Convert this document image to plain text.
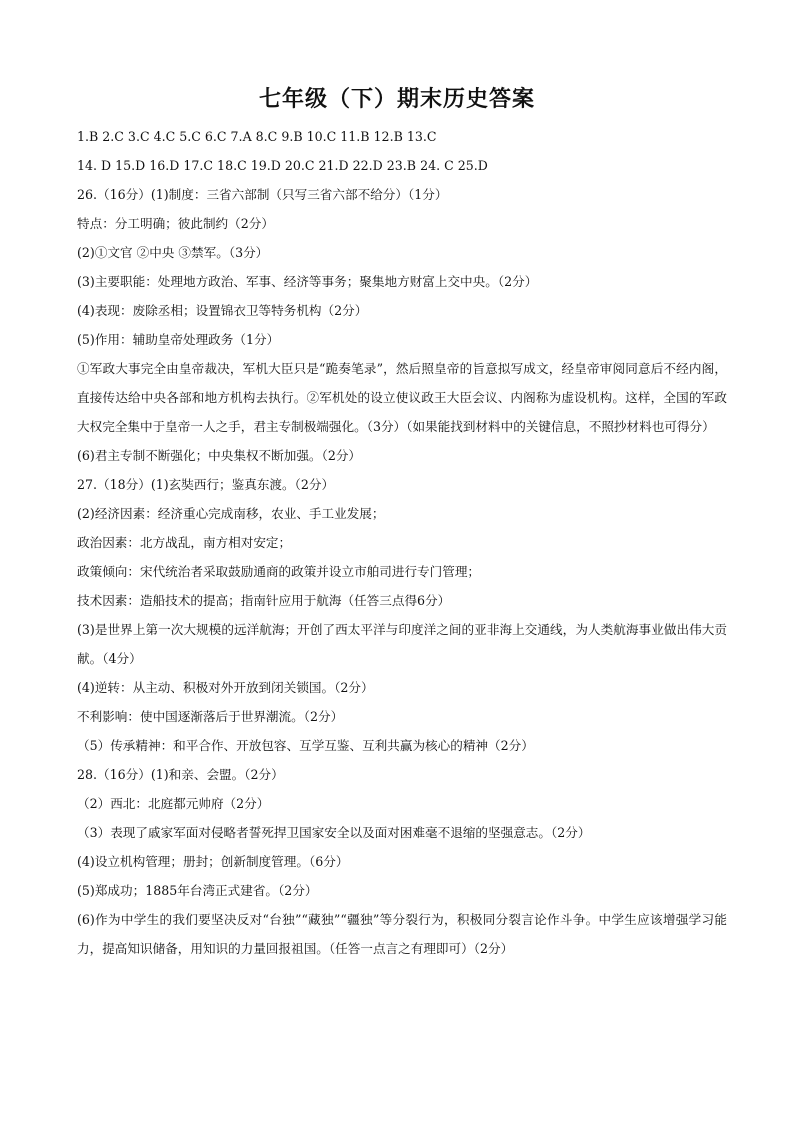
七年级（下）期末历史答案
1.B 2.C 3.C 4.C 5.C 6.C 7.A 8.C 9.B 10.C 11.B 12.B 13.C
14. D 15.D 16.D 17.C 18.C 19.D 20.C 21.D 22.D 23.B 24. C 25.D
26.（16分）(1)制度：三省六部制（只写三省六部不给分）（1分）
特点：分工明确；彼此制约（2分）
(2)①文官 ②中央 ③禁军。（3分）
(3)主要职能：处理地方政治、军事、经济等事务；聚集地方财富上交中央。（2分）
(4)表现：废除丞相；设置锦衣卫等特务机构（2分）
(5)作用：辅助皇帝处理政务（1分）
①军政大事完全由皇帝裁决，军机大臣只是“跪奏笔录”，然后照皇帝的旨意拟写成文，经皇帝审阅同意后不经内阁，直接传达给中央各部和地方机构去执行。②军机处的设立使议政王大臣会议、内阁称为虚设机构。这样，全国的军政大权完全集中于皇帝一人之手，君主专制极端强化。（3分）（如果能找到材料中的关键信息，不照抄材料也可得分）
(6)君主专制不断强化；中央集权不断加强。（2分）
27.（18分）(1)玄奘西行；鉴真东渡。（2分）
(2)经济因素：经济重心完成南移，农业、手工业发展；
政治因素：北方战乱，南方相对安定；
政策倾向：宋代统治者采取鼓励通商的政策并设立市舶司进行专门管理；
技术因素：造船技术的提高；指南针应用于航海（任答三点得6分）
(3)是世界上第一次大规模的远洋航海；开创了西太平洋与印度洋之间的亚非海上交通线，为人类航海事业做出伟大贡献。（4分）
(4)逆转：从主动、积极对外开放到闭关锁国。（2分）
不利影响：使中国逐渐落后于世界潮流。（2分）
（5）传承精神：和平合作、开放包容、互学互鉴、互利共赢为核心的精神（2分）
28.（16分）(1)和亲、会盟。（2分）
（2）西北：北庭都元帅府（2分）
（3）表现了戚家军面对侵略者誓死捍卫国家安全以及面对困难毫不退缩的坚强意志。（2分）
(4)设立机构管理；册封；创新制度管理。（6分）
(5)郑成功；1885年台湾正式建省。（2分）
(6)作为中学生的我们要坚决反对“台独”“藏独”“疆独”等分裂行为，积极同分裂言论作斗争。中学生应该增强学习能力，提高知识储备，用知识的力量回报祖国。（任答一点言之有理即可）（2分）
